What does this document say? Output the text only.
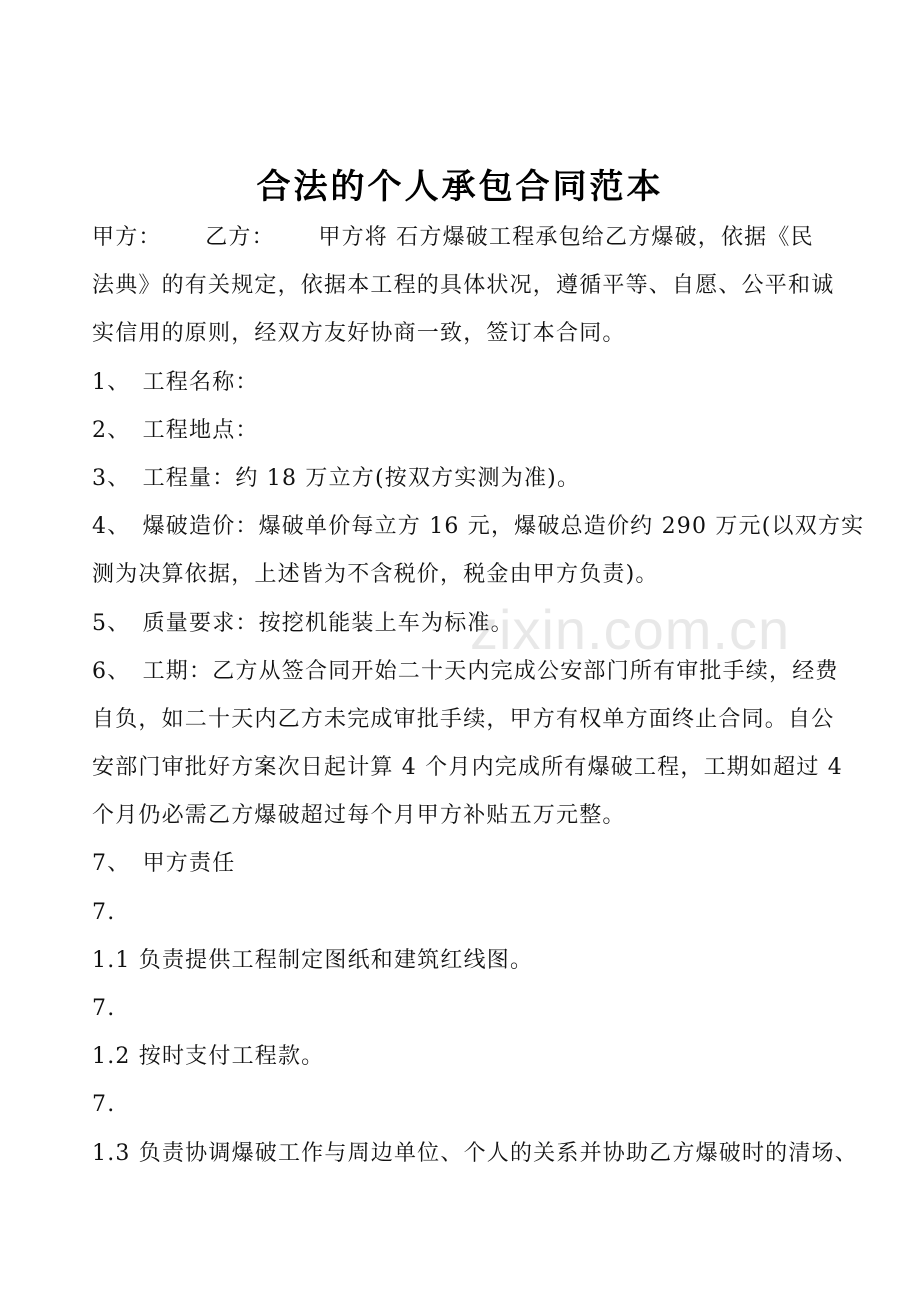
zixin.com.cn
合法的个人承包合同范本
甲方：　　 乙方：　　 甲方将 石方爆破工程承包给乙方爆破，依据《民
法典》的有关规定，依据本工程的具体状况，遵循平等、自愿、公平和诚
实信用的原则，经双方友好协商一致，签订本合同。
1、　工程名称：
2、　工程地点：
3、　工程量：约 18 万立方(按双方实测为准)。
4、　爆破造价：爆破单价每立方 16 元，爆破总造价约 290 万元(以双方实
测为决算依据，上述皆为不含税价，税金由甲方负责)。
5、　质量要求：按挖机能装上车为标准。
6、　工期：乙方从签合同开始二十天内完成公安部门所有审批手续，经费
自负，如二十天内乙方未完成审批手续，甲方有权单方面终止合同。自公
安部门审批好方案次日起计算 4 个月内完成所有爆破工程，工期如超过 4
个月仍必需乙方爆破超过每个月甲方补贴五万元整。
7、　甲方责任
7.
1.1 负责提供工程制定图纸和建筑红线图。
7.
1.2 按时支付工程款。
7.
1.3 负责协调爆破工作与周边单位、个人的关系并协助乙方爆破时的清场、
